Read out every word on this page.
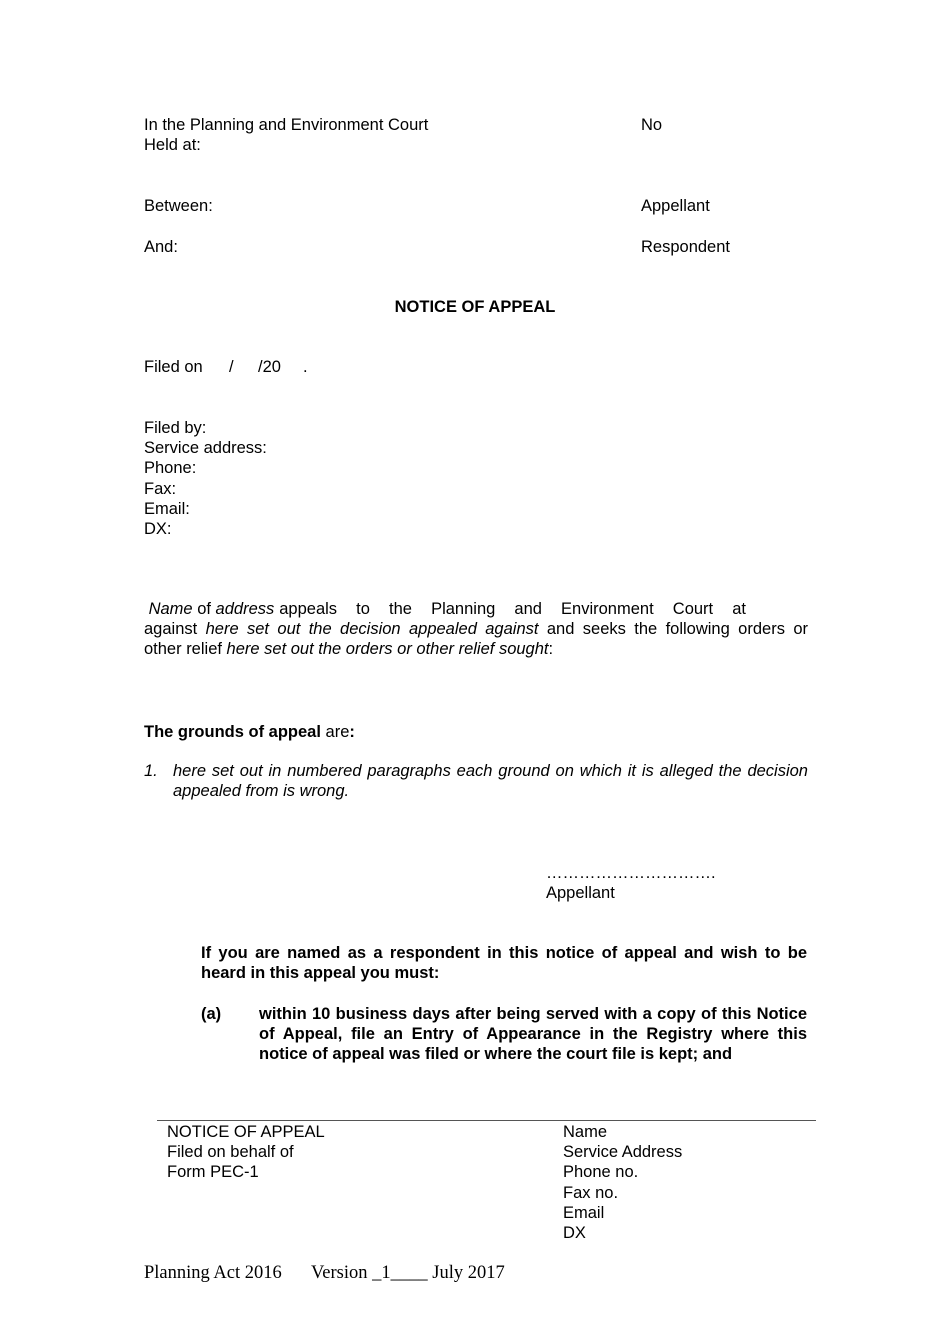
In the Planning and Environment Court
Held at:
No
Between:	Appellant
And:	Respondent
NOTICE OF APPEAL
Filed on / /20 .
Filed by:
Service address:
Phone:
Fax:
Email:
DX:
Name of address appeals to the Planning and Environment Court at
against here set out the decision appealed against and seeks the following orders or
other relief here set out the orders or other relief sought:
The grounds of appeal are:
1. here set out in numbered paragraphs each ground on which it is alleged the decision appealed from is wrong.
………………………….
Appellant
If you are named as a respondent in this notice of appeal and wish to be heard in this appeal you must:
(a) within 10 business days after being served with a copy of this Notice of Appeal, file an Entry of Appearance in the Registry where this notice of appeal was filed or where the court file is kept; and
NOTICE OF APPEAL
Filed on behalf of
Form PEC-1
Name
Service Address
Phone no.
Fax no.
Email
DX
Planning Act 2016 Version _1____ July 2017
